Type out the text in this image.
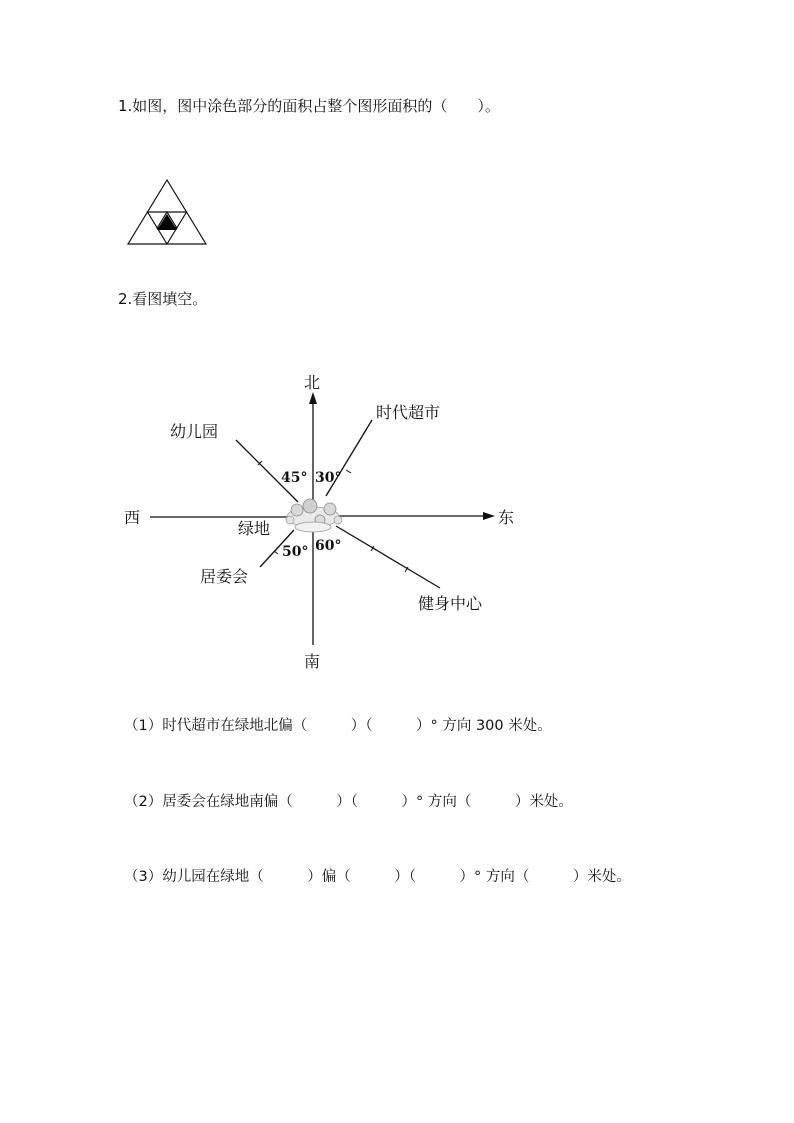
1.如图，图中涂色部分的面积占整个图形面积的（　　）。
2.看图填空。
北
南
西	东
时代超市
幼儿园
绿地
居委会
健身中心
45° 30°
50° 60°
（1）时代超市在绿地北偏（　　　）（　　　）° 方向 300 米处。
（2）居委会在绿地南偏（　　　）（　　　）° 方向（　　　）米处。
（3）幼儿园在绿地（　　　）偏（　　　）（　　　）° 方向（　　　）米处。
